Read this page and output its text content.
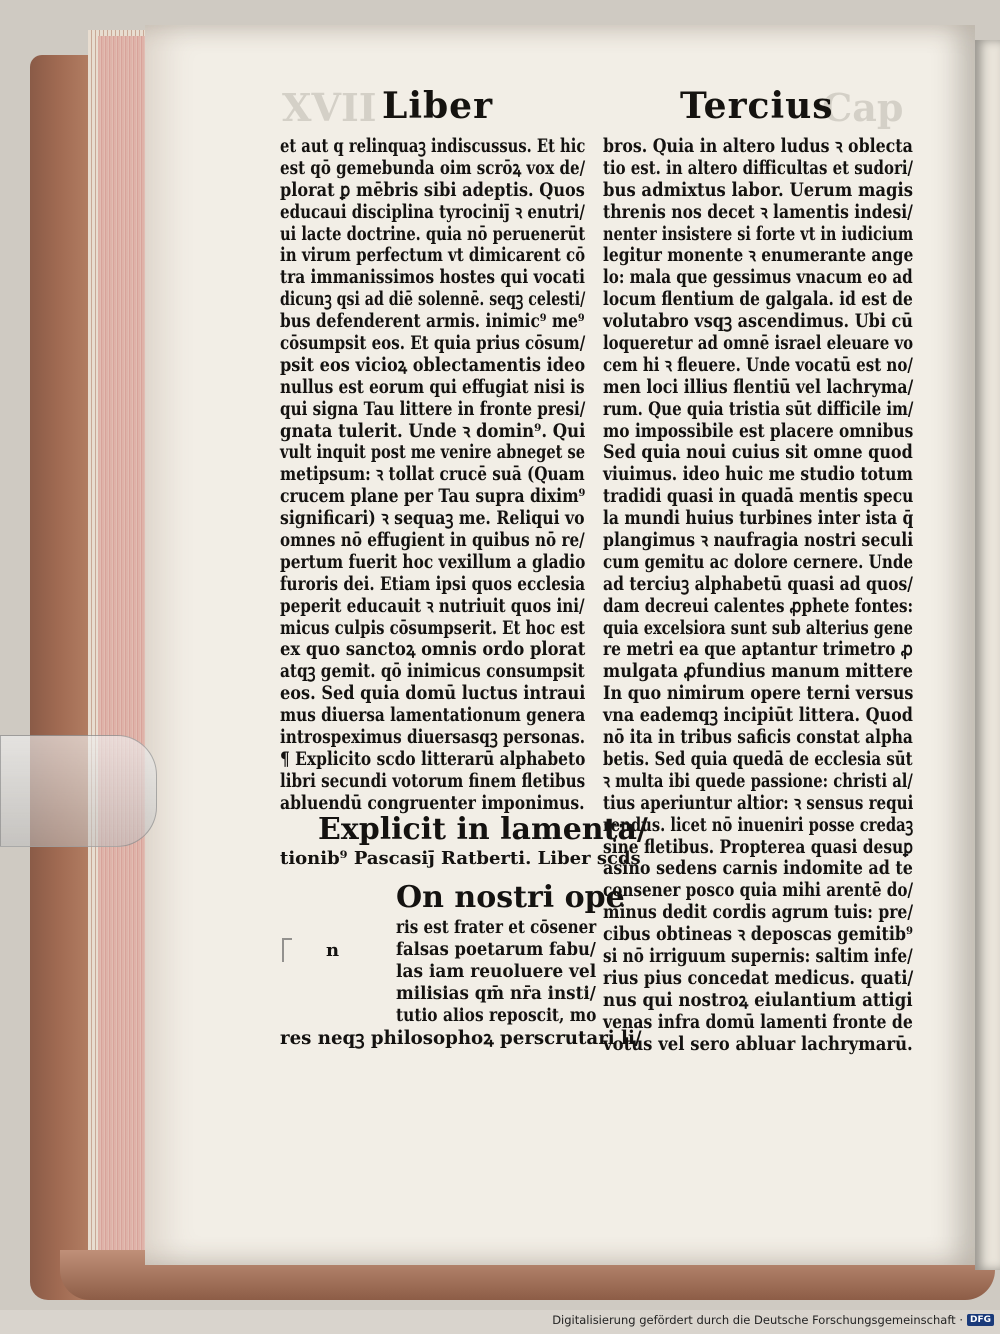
XVII	Cap
Liber	Tercius
et aut q relinquaꝫ indiscussus. Et hic
est qō gemebunda oim scrōꝝ vox de/
plorat ꝑ mēbris sibi adeptis. Quos
educaui disciplina tyrociniȷ̄ ꝛ enutri/
ui lacte doctrine. quia nō peruenerūt
in virum perfectum vt dimicarent cō
tra immanissimos hostes qui vocati
dicunꝫ qsi ad diē solennē. seqꝫ celesti/
bus defenderent armis. inimic⁹ me⁹
cōsumpsit eos. Et quia prius cōsum/
psit eos vicioꝝ oblectamentis ideo
nullus est eorum qui effugiat nisi is
qui signa Tau littere in fronte presi/
gnata tulerit. Unde ꝛ domin⁹. Qui
vult inquit post me venire abneget se
metipsum: ꝛ tollat crucē suā (Quam
crucem plane per Tau supra dixim⁹
significari) ꝛ sequaꝫ me. Reliqui vo
omnes nō effugient in quibus nō re/
pertum fuerit hoc vexillum a gladio
furoris dei. Etiam ipsi quos ecclesia
peperit educauit ꝛ nutriuit quos ini/
micus culpis cōsumpserit. Et hoc est
ex quo sanctoꝝ omnis ordo plorat
atqꝫ gemit. qō inimicus consumpsit
eos. Sed quia domū luctus intraui
mus diuersa lamentationum genera
introspeximus diuersasqꝫ personas.
¶ Explicito scdo litterarū alphabeto
libri secundi votorum finem fletibus
abluendū congruenter imponimus.
bros. Quia in altero ludus ꝛ oblecta
tio est. in altero difficultas et sudori/
bus admixtus labor. Uerum magis
threnis nos decet ꝛ lamentis indesi/
nenter insistere si forte vt in iudicium
legitur monente ꝛ enumerante ange
lo: mala que gessimus vnacum eo ad
locum flentium de galgala. id est de
volutabro vsqꝫ ascendimus. Ubi cū
loqueretur ad omnē israel eleuare vo
cem hi ꝛ fleuere. Unde vocatū est no/
men loci illius flentiū vel lachryma/
rum. Que quia tristia sūt difficile im/
mo impossibile est placere omnibus
Sed quia noui cuius sit omne quod
viuimus. ideo huic me studio totum
tradidi quasi in quadā mentis specu
la mundi huius turbines inter ista q̄
plangimus ꝛ naufragia nostri seculi
cum gemitu ac dolore cernere. Unde
ad terciuꝫ alphabetū quasi ad quos/
dam decreui calentes ꝓphete fontes:
quia excelsiora sunt sub alterius gene
re metri ea que aptantur trimetro ꝓ
mulgata ꝓfundius manum mittere
In quo nimirum opere terni versus
vna eademqꝫ incipiūt littera. Quod
nō ita in tribus saficis constat alpha
betis. Sed quia quedā de ecclesia sūt
ꝛ multa ibi quede passione: christi al/
tius aperiuntur altior: ꝛ sensus requi
rendus. licet nō inueniri posse credaꝫ
sine fletibus. Propterea quasi desuꝑ
asino sedens carnis indomite ad te
consener posco quia mihi arentē do/
minus dedit cordis agrum tuis: pre/
cibus obtineas ꝛ deposcas gemitib⁹
si nō irriguum supernis: saltim infe/
rius pius concedat medicus. quati/
nus qui nostroꝝ eiulantium attigi
venas infra domū lamenti fronte de
votus vel sero abluar lachrymarū.
Explicit in lamenta/
tionib⁹ Pascasiȷ̄ Ratberti. Liber scds
On nostri ope
n
ris est frater et cōsener
falsas poetarum fabu/
las iam reuoluere vel
milisias qm̄ nr̄a insti/
tutio alios reposcit, mo
res neqꝫ philosophoꝝ perscrutari li/
Digitalisierung gefördert durch die Deutsche Forschungsgemeinschaft · DFG
